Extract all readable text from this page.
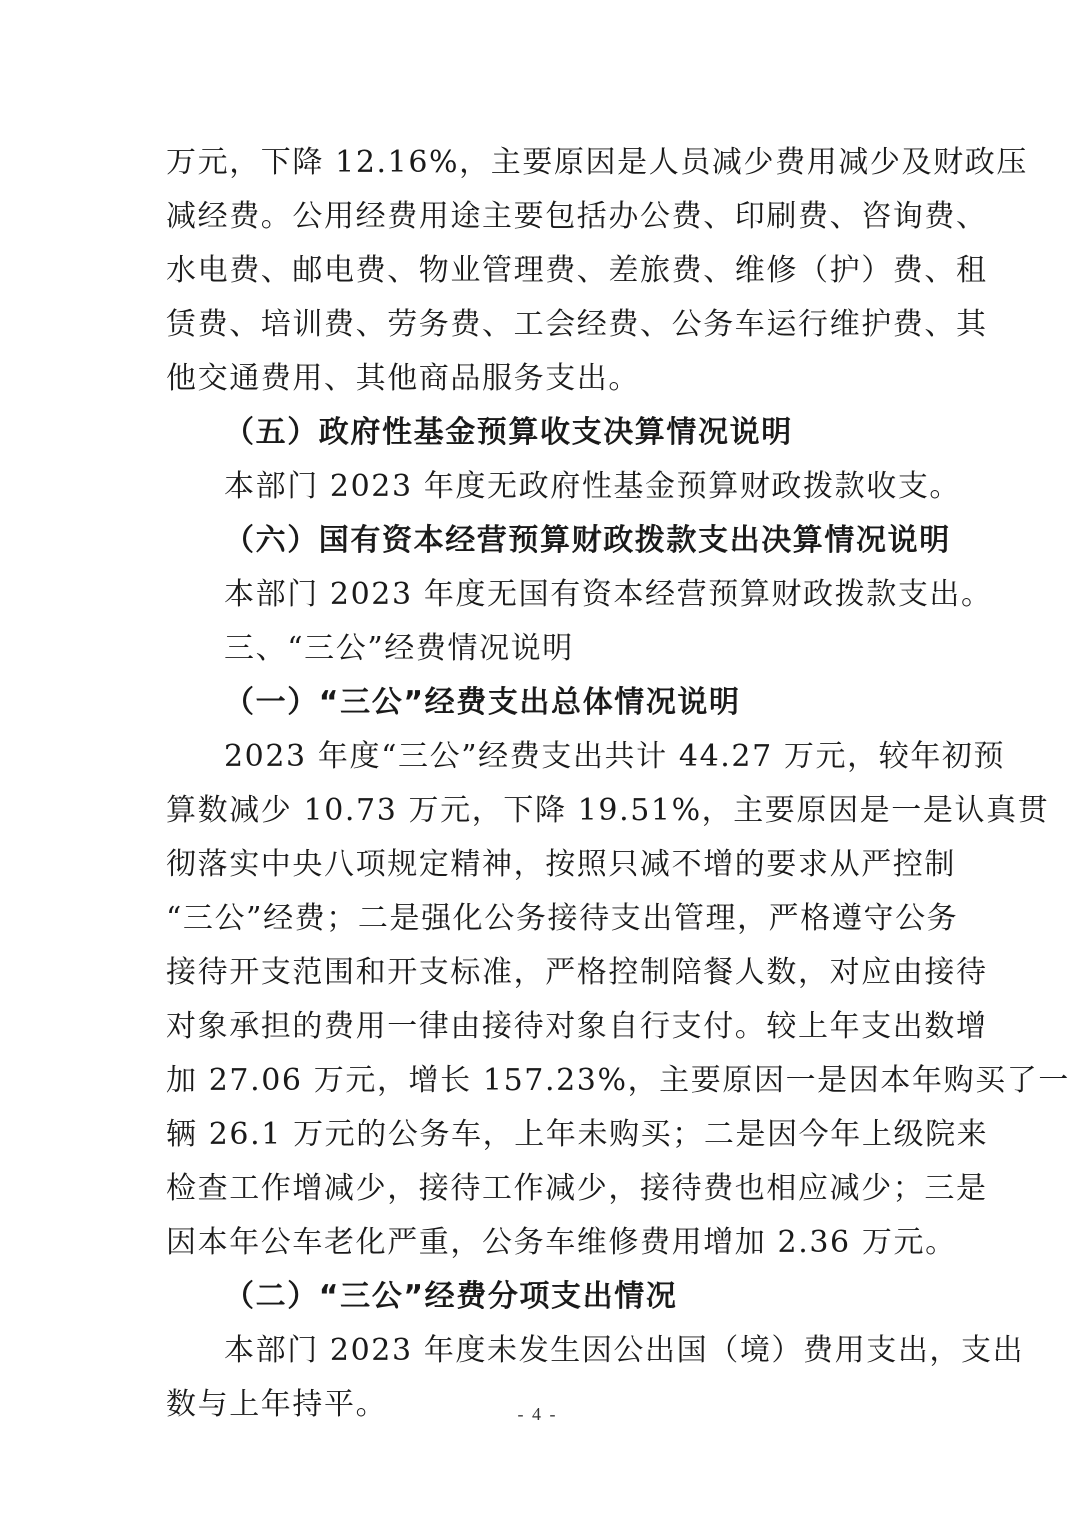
万元，下降 12.16%，主要原因是人员减少费用减少及财政压
减经费。公用经费用途主要包括办公费、印刷费、咨询费、
水电费、邮电费、物业管理费、差旅费、维修（护）费、租
赁费、培训费、劳务费、工会经费、公务车运行维护费、其
他交通费用、其他商品服务支出。
（五）政府性基金预算收支决算情况说明
本部门 2023 年度无政府性基金预算财政拨款收支。
（六）国有资本经营预算财政拨款支出决算情况说明
本部门 2023 年度无国有资本经营预算财政拨款支出。
三、“三公”经费情况说明
（一）“三公”经费支出总体情况说明
2023 年度“三公”经费支出共计 44.27 万元，较年初预
算数减少 10.73 万元，下降 19.51%，主要原因是一是认真贯
彻落实中央八项规定精神，按照只减不增的要求从严控制
“三公”经费；二是强化公务接待支出管理，严格遵守公务
接待开支范围和开支标准，严格控制陪餐人数，对应由接待
对象承担的费用一律由接待对象自行支付。较上年支出数增
加 27.06 万元，增长 157.23%，主要原因一是因本年购买了一
辆 26.1 万元的公务车，上年未购买；二是因今年上级院来
检查工作增减少，接待工作减少，接待费也相应减少；三是
因本年公车老化严重，公务车维修费用增加 2.36 万元。
（二）“三公”经费分项支出情况
本部门 2023 年度未发生因公出国（境）费用支出，支出
数与上年持平。	- 4 -
